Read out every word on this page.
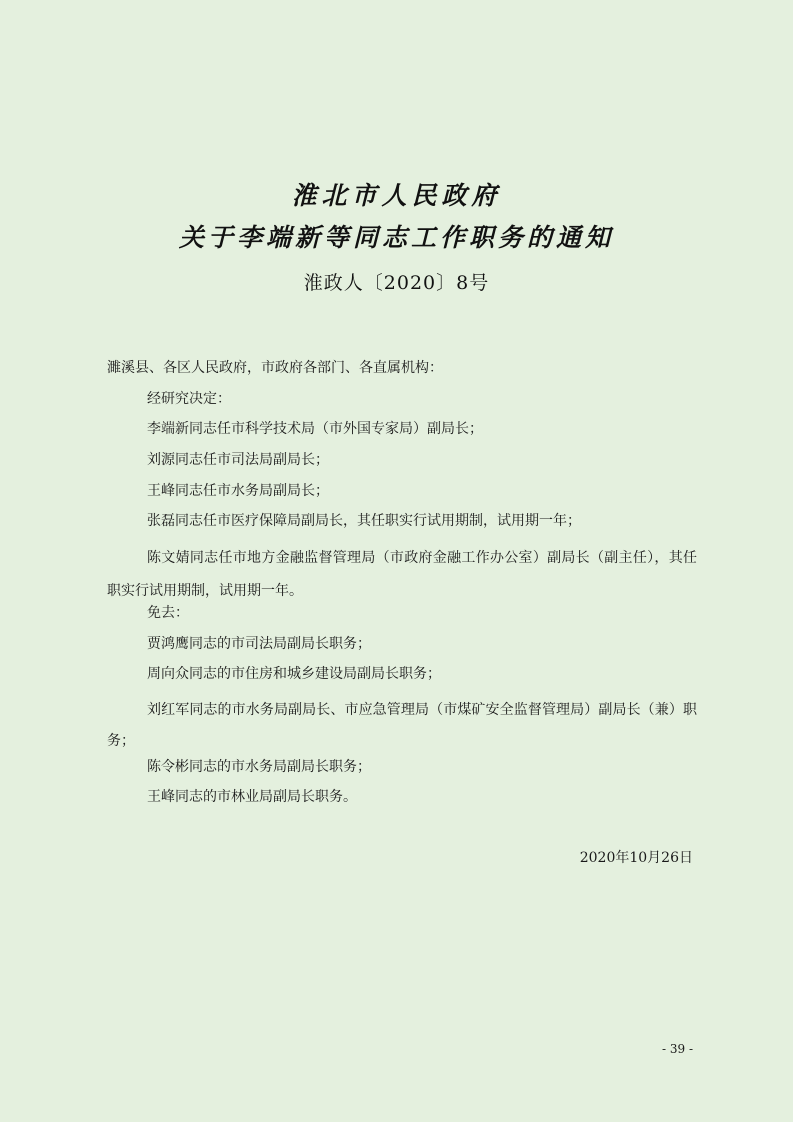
淮北市人民政府
关于李端新等同志工作职务的通知

淮政人〔2020〕8号

濉溪县、各区人民政府，市政府各部门、各直属机构：

经研究决定：

李端新同志任市科学技术局（市外国专家局）副局长；

刘源同志任市司法局副局长；

王峰同志任市水务局副局长；

张磊同志任市医疗保障局副局长，其任职实行试用期制，试用期一年；

陈文婧同志任市地方金融监督管理局（市政府金融工作办公室）副局长（副主任），其任职实行试用期制，试用期一年。

免去：

贾鸿鹰同志的市司法局副局长职务；

周向众同志的市住房和城乡建设局副局长职务；

刘红军同志的市水务局副局长、市应急管理局（市煤矿安全监督管理局）副局长（兼）职务；

陈令彬同志的市水务局副局长职务；

王峰同志的市林业局副局长职务。

2020年10月26日

- 39 -
